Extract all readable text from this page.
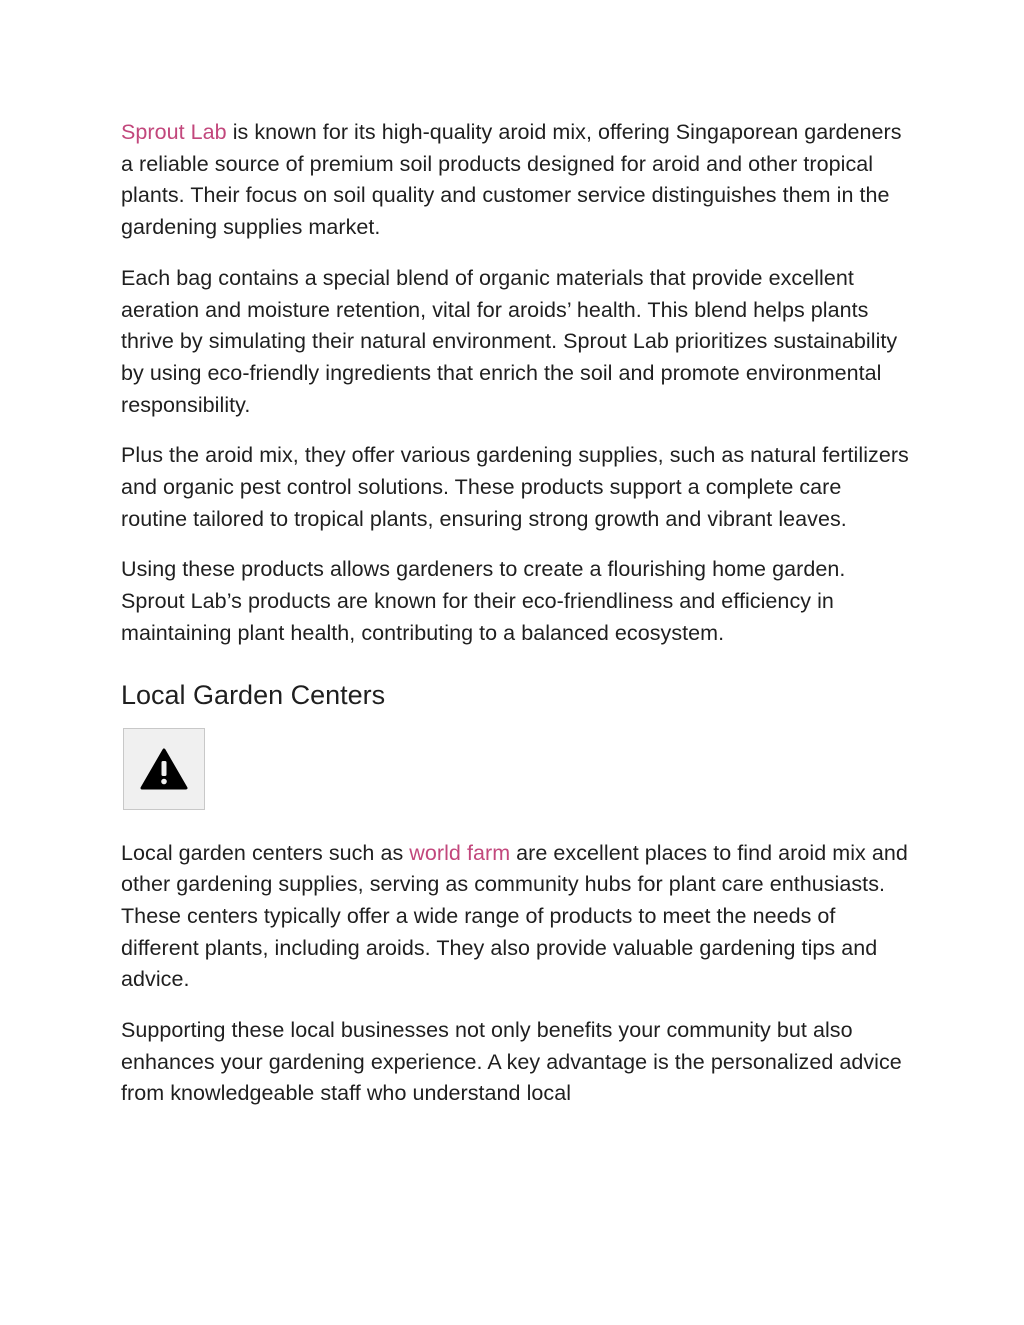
Sprout Lab is known for its high-quality aroid mix, offering Singaporean gardeners a reliable source of premium soil products designed for aroid and other tropical plants. Their focus on soil quality and customer service distinguishes them in the gardening supplies market.

Each bag contains a special blend of organic materials that provide excellent aeration and moisture retention, vital for aroids’ health. This blend helps plants thrive by simulating their natural environment. Sprout Lab prioritizes sustainability by using eco-friendly ingredients that enrich the soil and promote environmental responsibility.

Plus the aroid mix, they offer various gardening supplies, such as natural fertilizers and organic pest control solutions. These products support a complete care routine tailored to tropical plants, ensuring strong growth and vibrant leaves.

Using these products allows gardeners to create a flourishing home garden. Sprout Lab’s products are known for their eco-friendliness and efficiency in maintaining plant health, contributing to a balanced ecosystem.

Local Garden Centers

Local garden centers such as world farm are excellent places to find aroid mix and other gardening supplies, serving as community hubs for plant care enthusiasts. These centers typically offer a wide range of products to meet the needs of different plants, including aroids. They also provide valuable gardening tips and advice.

Supporting these local businesses not only benefits your community but also enhances your gardening experience. A key advantage is the personalized advice from knowledgeable staff who understand local
